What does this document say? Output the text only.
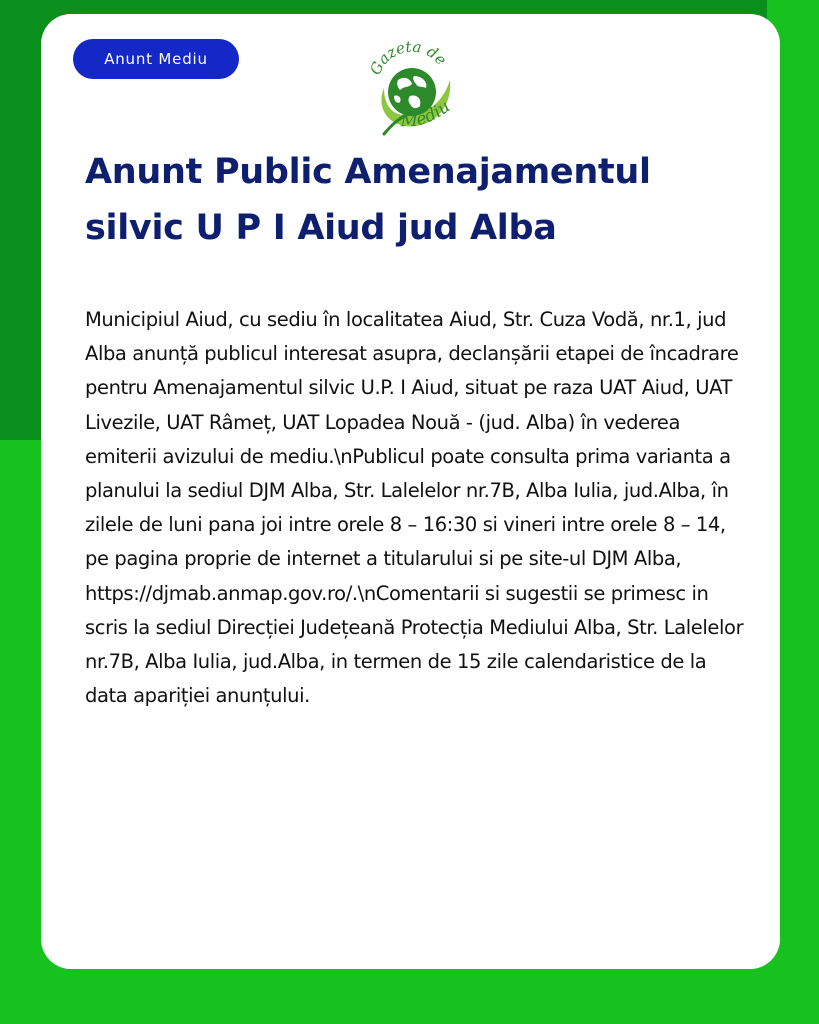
Anunt Mediu	Gazeta de
Mediu
Anunt Public Amenajamentul silvic U P I Aiud jud Alba

Municipiul Aiud, cu sediu în localitatea Aiud, Str. Cuza Vodă, nr.1, jud Alba anunță publicul interesat asupra, declanșării etapei de încadrare pentru Amenajamentul silvic U.P. I Aiud, situat pe raza UAT Aiud, UAT Livezile, UAT Râmeț, UAT Lopadea Nouă - (jud. Alba) în vederea emiterii avizului de mediu.\nPublicul poate consulta prima varianta a planului la sediul DJM Alba, Str. Lalelelor nr.7B, Alba Iulia, jud.Alba, în zilele de luni pana joi intre orele 8 – 16:30 si vineri intre orele 8 – 14, pe pagina proprie de internet a titularului si pe site-ul DJM Alba, https://djmab.anmap.gov.ro/.\nComentarii si sugestii se primesc in scris la sediul Direcției Județeană Protecția Mediului Alba, Str. Lalelelor nr.7B, Alba Iulia, jud.Alba, in termen de 15 zile calendaristice de la data apariției anunțului.
